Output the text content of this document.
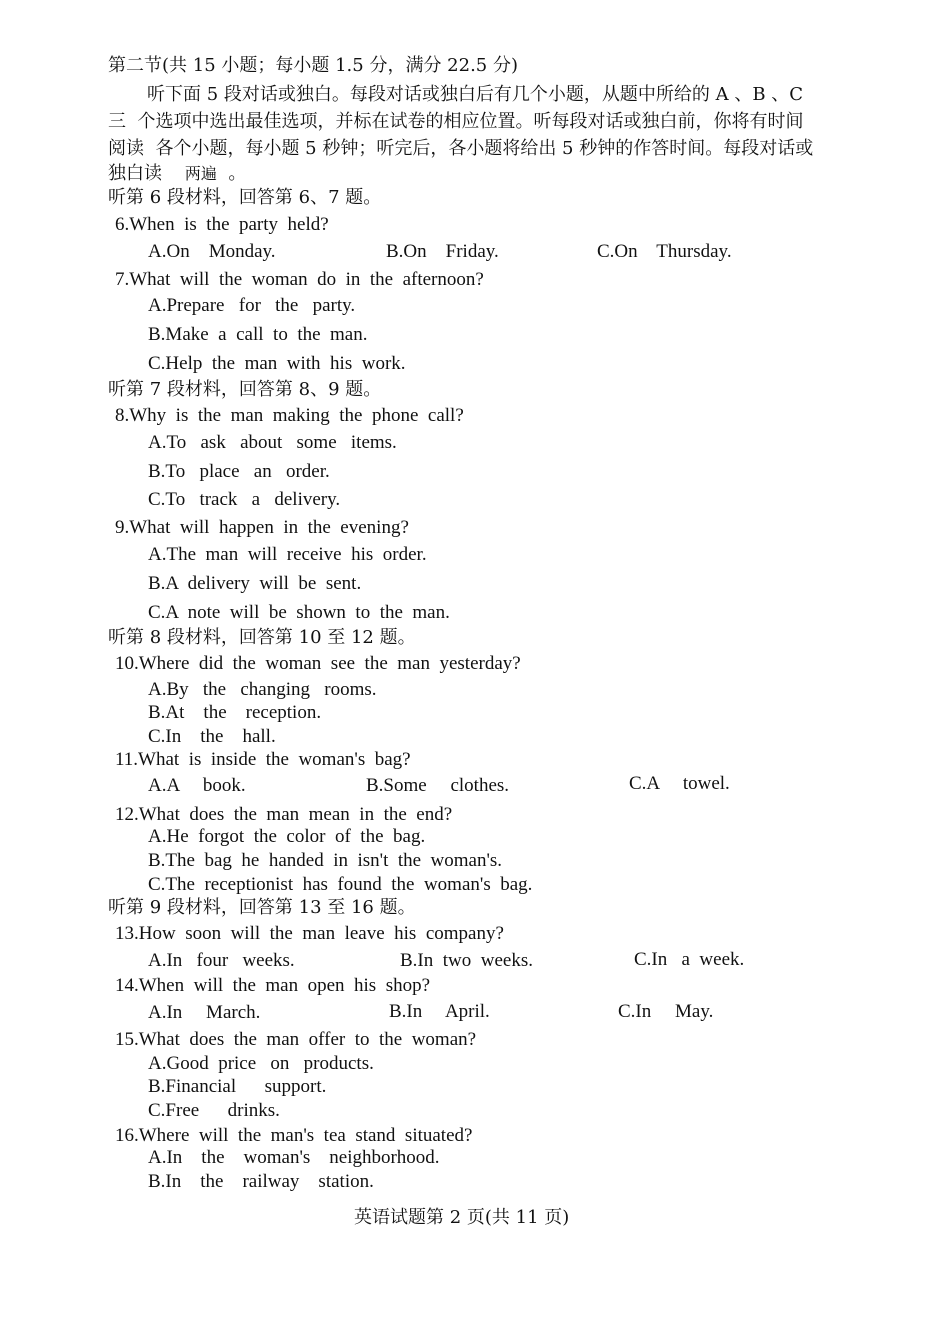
第二节(共 15 小题；每小题 1.5 分，满分 22.5 分)
听下面 5 段对话或独白。每段对话或独白后有几个小题，从题中所给的 A 、B 、C
三  个选项中选出最佳选项，并标在试卷的相应位置。听每段对话或独白前，你将有时间
阅读  各个小题，每小题 5 秒钟；听完后，各小题将给出 5 秒钟的作答时间。每段对话或
独白读 两遍 。
听第 6 段材料，回答第 6、7 题。
6.When  is  the  party  held?
A.On    Monday.	B.On    Friday.	C.On    Thursday.
7.What  will  the  woman  do  in  the  afternoon?
A.Prepare   for   the   party.
B.Make  a  call  to  the  man.
C.Help  the  man  with  his  work.
听第 7 段材料，回答第 8、9 题。
8.Why  is  the  man  making  the  phone  call?
A.To   ask   about   some   items.
B.To   place   an   order.
C.To   track   a   delivery.
9.What  will  happen  in  the  evening?
A.The  man  will  receive  his  order.
B.A  delivery  will  be  sent.
C.A  note  will  be  shown  to  the  man.
听第 8 段材料，回答第 10 至 12 题。
10.Where  did  the  woman  see  the  man  yesterday?
A.By   the   changing   rooms.
B.At    the    reception.
C.In    the    hall.
11.What  is  inside  the  woman's  bag?
A.A     book.	B.Some     clothes.	C.A     towel.
12.What  does  the  man  mean  in  the  end?
A.He  forgot  the  color  of  the  bag.
B.The  bag  he  handed  in  isn't  the  woman's.
C.The  receptionist  has  found  the  woman's  bag.
听第 9 段材料，回答第 13 至 16 题。
13.How  soon  will  the  man  leave  his  company?
A.In   four   weeks.	B.In  two  weeks.	C.In   a  week.
14.When  will  the  man  open  his  shop?
A.In     March.	B.In     April.	C.In     May.
15.What  does  the  man  offer  to  the  woman?
A.Good  price   on   products.
B.Financial      support.
C.Free      drinks.
16.Where  will  the  man's  tea  stand  situated?
A.In    the    woman's    neighborhood.
B.In    the    railway    station.
英语试题第 2 页(共 11 页)
